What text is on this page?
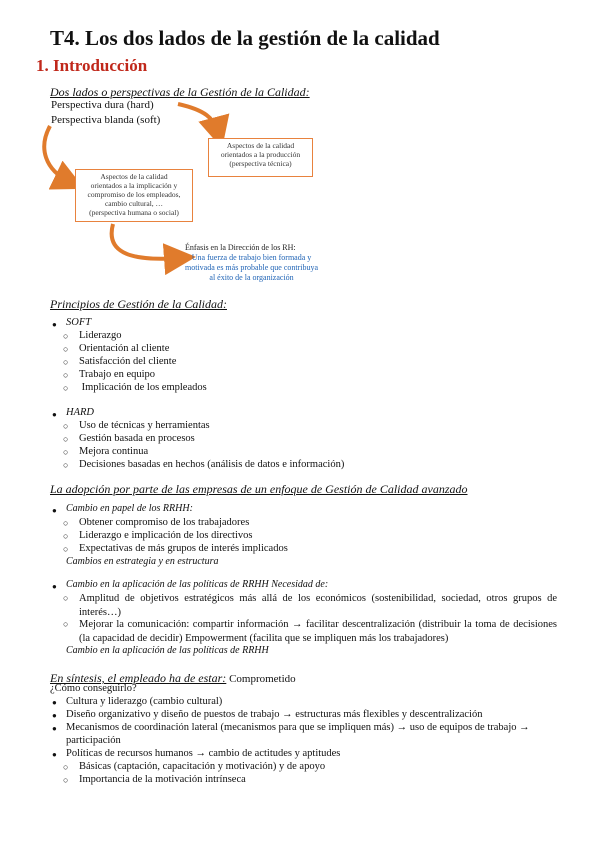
T4. Los dos lados de la gestión de la calidad
1. Introducción
Dos lados o perspectivas de la Gestión de la Calidad:
Perspectiva dura (hard)
Perspectiva blanda (soft)
Aspectos de la calidad
orientados a la producción
(perspectiva técnica)
Aspectos de la calidad
orientados a la implicación y
compromiso de los empleados,
cambio cultural, …
(perspectiva humana o social)
Énfasis en la Dirección de los RH:
Una fuerza de trabajo bien formada y
motivada es más probable que contribuya
al éxito de la organización
Principios de Gestión de la Calidad:
● SOFT
○ Liderazgo
○ Orientación al cliente
○ Satisfacción del cliente
○ Trabajo en equipo
○ Implicación de los empleados
● HARD
○ Uso de técnicas y herramientas
○ Gestión basada en procesos
○ Mejora continua
○ Decisiones basadas en hechos (análisis de datos e información)
La adopción por parte de las empresas de un enfoque de Gestión de Calidad avanzado
● Cambio en papel de los RRHH:
○ Obtener compromiso de los trabajadores
○ Liderazgo e implicación de los directivos
○ Expectativas de más grupos de interés implicados
Cambios en estrategia y en estructura
● Cambio en la aplicación de las políticas de RRHH Necesidad de:
○ Amplitud de objetivos estratégicos más allá de los económicos (sostenibilidad, sociedad, otros grupos de interés…)
○ Mejorar la comunicación: compartir información → facilitar descentralización (distribuir la toma de decisiones (la capacidad de decidir) Empowerment (facilita que se impliquen más los trabajadores)
Cambio en la aplicación de las políticas de RRHH
En síntesis, el empleado ha de estar: Comprometido
¿Cómo conseguirlo?
● Cultura y liderazgo (cambio cultural)
● Diseño organizativo y diseño de puestos de trabajo → estructuras más flexibles y descentralización
● Mecanismos de coordinación lateral (mecanismos para que se impliquen más) → uso de equipos de trabajo →
participación
● Políticas de recursos humanos → cambio de actitudes y aptitudes
○ Básicas (captación, capacitación y motivación) y de apoyo
○ Importancia de la motivación intrínseca
